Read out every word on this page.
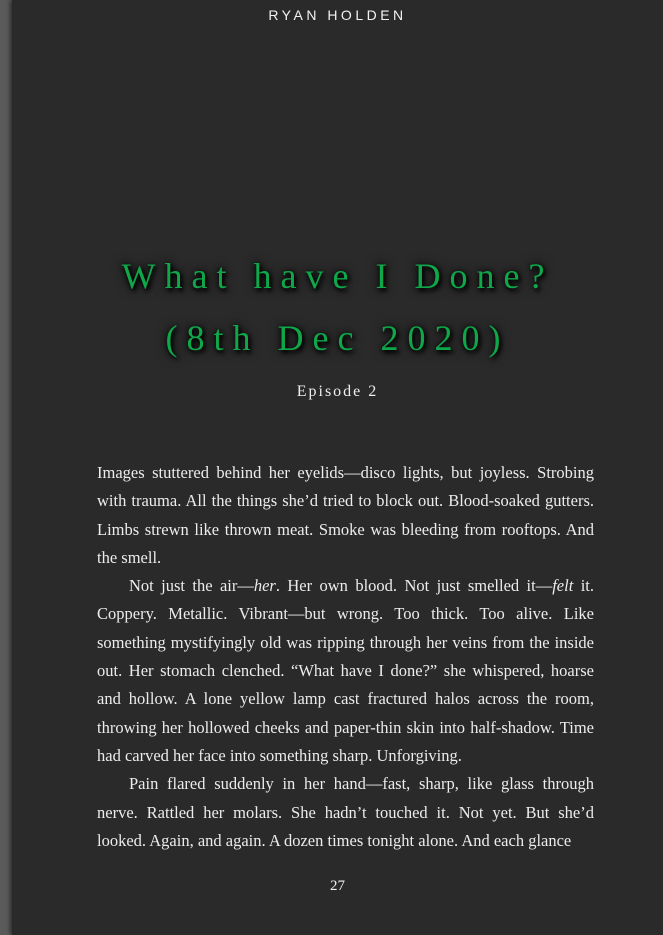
RYAN HOLDEN
What have I Done?
(8th Dec 2020)
Episode 2

Images stuttered behind her eyelids—disco lights, but joyless. Strobing with trauma. All the things she’d tried to block out. Blood-soaked gutters. Limbs strewn like thrown meat. Smoke was bleeding from rooftops. And the smell.

Not just the air—her. Her own blood. Not just smelled it—felt it. Coppery. Metallic. Vibrant—but wrong. Too thick. Too alive. Like something mystifyingly old was ripping through her veins from the inside out. Her stomach clenched. “What have I done?” she whispered, hoarse and hollow. A lone yellow lamp cast fractured halos across the room, throwing her hollowed cheeks and paper-thin skin into half-shadow. Time had carved her face into something sharp. Unforgiving.

Pain flared suddenly in her hand—fast, sharp, like glass through nerve. Rattled her molars. She hadn’t touched it. Not yet. But she’d looked. Again, and again. A dozen times tonight alone. And each glance

27
